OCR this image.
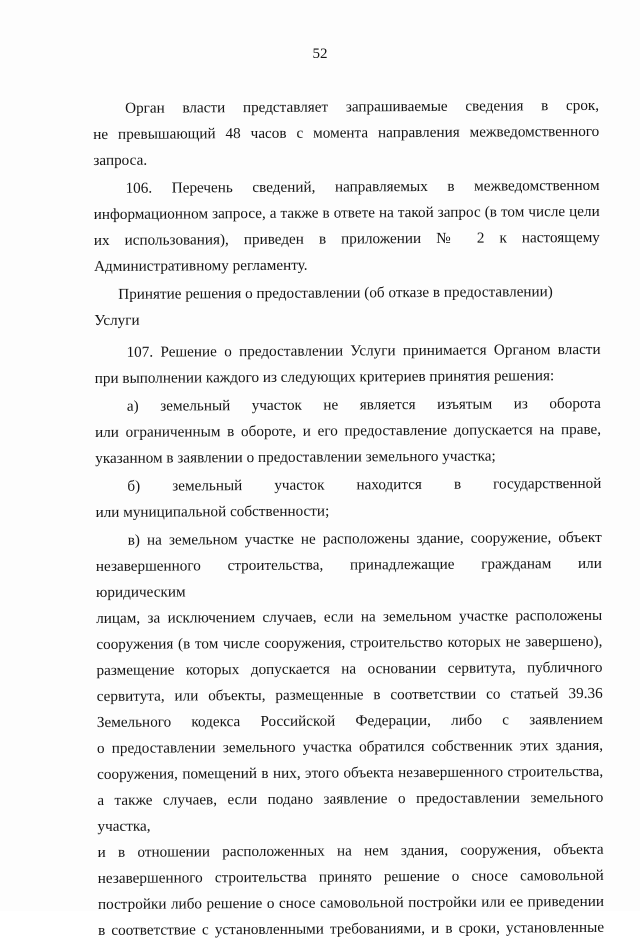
52
Орган власти представляет запрашиваемые сведения в срок,
не превышающий 48 часов с момента направления межведомственного
запроса.
106. Перечень сведений, направляемых в межведомственном
информационном запросе, а также в ответе на такой запрос (в том числе цели
их использования), приведен в приложении № 2 к настоящему
Административному регламенту.
Принятие решения о предоставлении (об отказе в предоставлении) Услуги
107. Решение о предоставлении Услуги принимается Органом власти
при выполнении каждого из следующих критериев принятия решения:
а) земельный участок не является изъятым из оборота
или ограниченным в обороте, и его предоставление допускается на праве,
указанном в заявлении о предоставлении земельного участка;
б) земельный участок находится в государственной
или муниципальной собственности;
в) на земельном участке не расположены здание, сооружение, объект
незавершенного строительства, принадлежащие гражданам или юридическим
лицам, за исключением случаев, если на земельном участке расположены
сооружения (в том числе сооружения, строительство которых не завершено),
размещение которых допускается на основании сервитута, публичного
сервитута, или объекты, размещенные в соответствии со статьей 39.36
Земельного кодекса Российской Федерации, либо с заявлением
о предоставлении земельного участка обратился собственник этих здания,
сооружения, помещений в них, этого объекта незавершенного строительства,
а также случаев, если подано заявление о предоставлении земельного участка,
и в отношении расположенных на нем здания, сооружения, объекта
незавершенного строительства принято решение о сносе самовольной
постройки либо решение о сносе самовольной постройки или ее приведении
в соответствие с установленными требованиями, и в сроки, установленные
